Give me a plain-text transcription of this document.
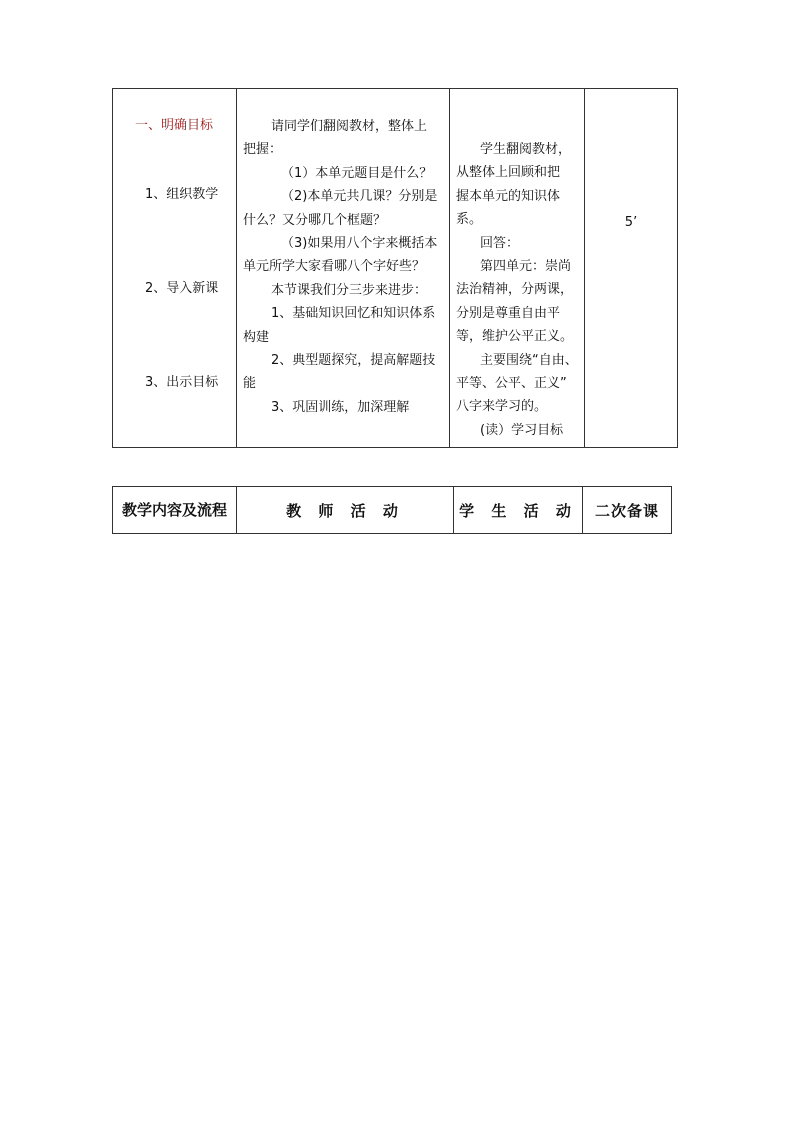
一、明确目标
1、组织教学
2、导入新课
3、出示目标

请同学们翻阅教材，整体上
把握：
（1）本单元题目是什么？
（2)本单元共几课？分别是
什么？又分哪几个框题？
（3)如果用八个字来概括本
单元所学大家看哪八个字好些？
本节课我们分三步来进步：
1、基础知识回忆和知识体系
构建
2、典型题探究，提高解题技
能
3、巩固训练，加深理解

学生翻阅教材，
从整体上回顾和把
握本单元的知识体
系。
回答：
第四单元：崇尚
法治精神，分两课，
分别是尊重自由平
等，维护公平正义。
主要围绕“自由、
平等、公平、正义”
八字来学习的。
(读）学习目标

5’
教学内容及流程	教 师 活 动	学 生 活 动	二次备课
